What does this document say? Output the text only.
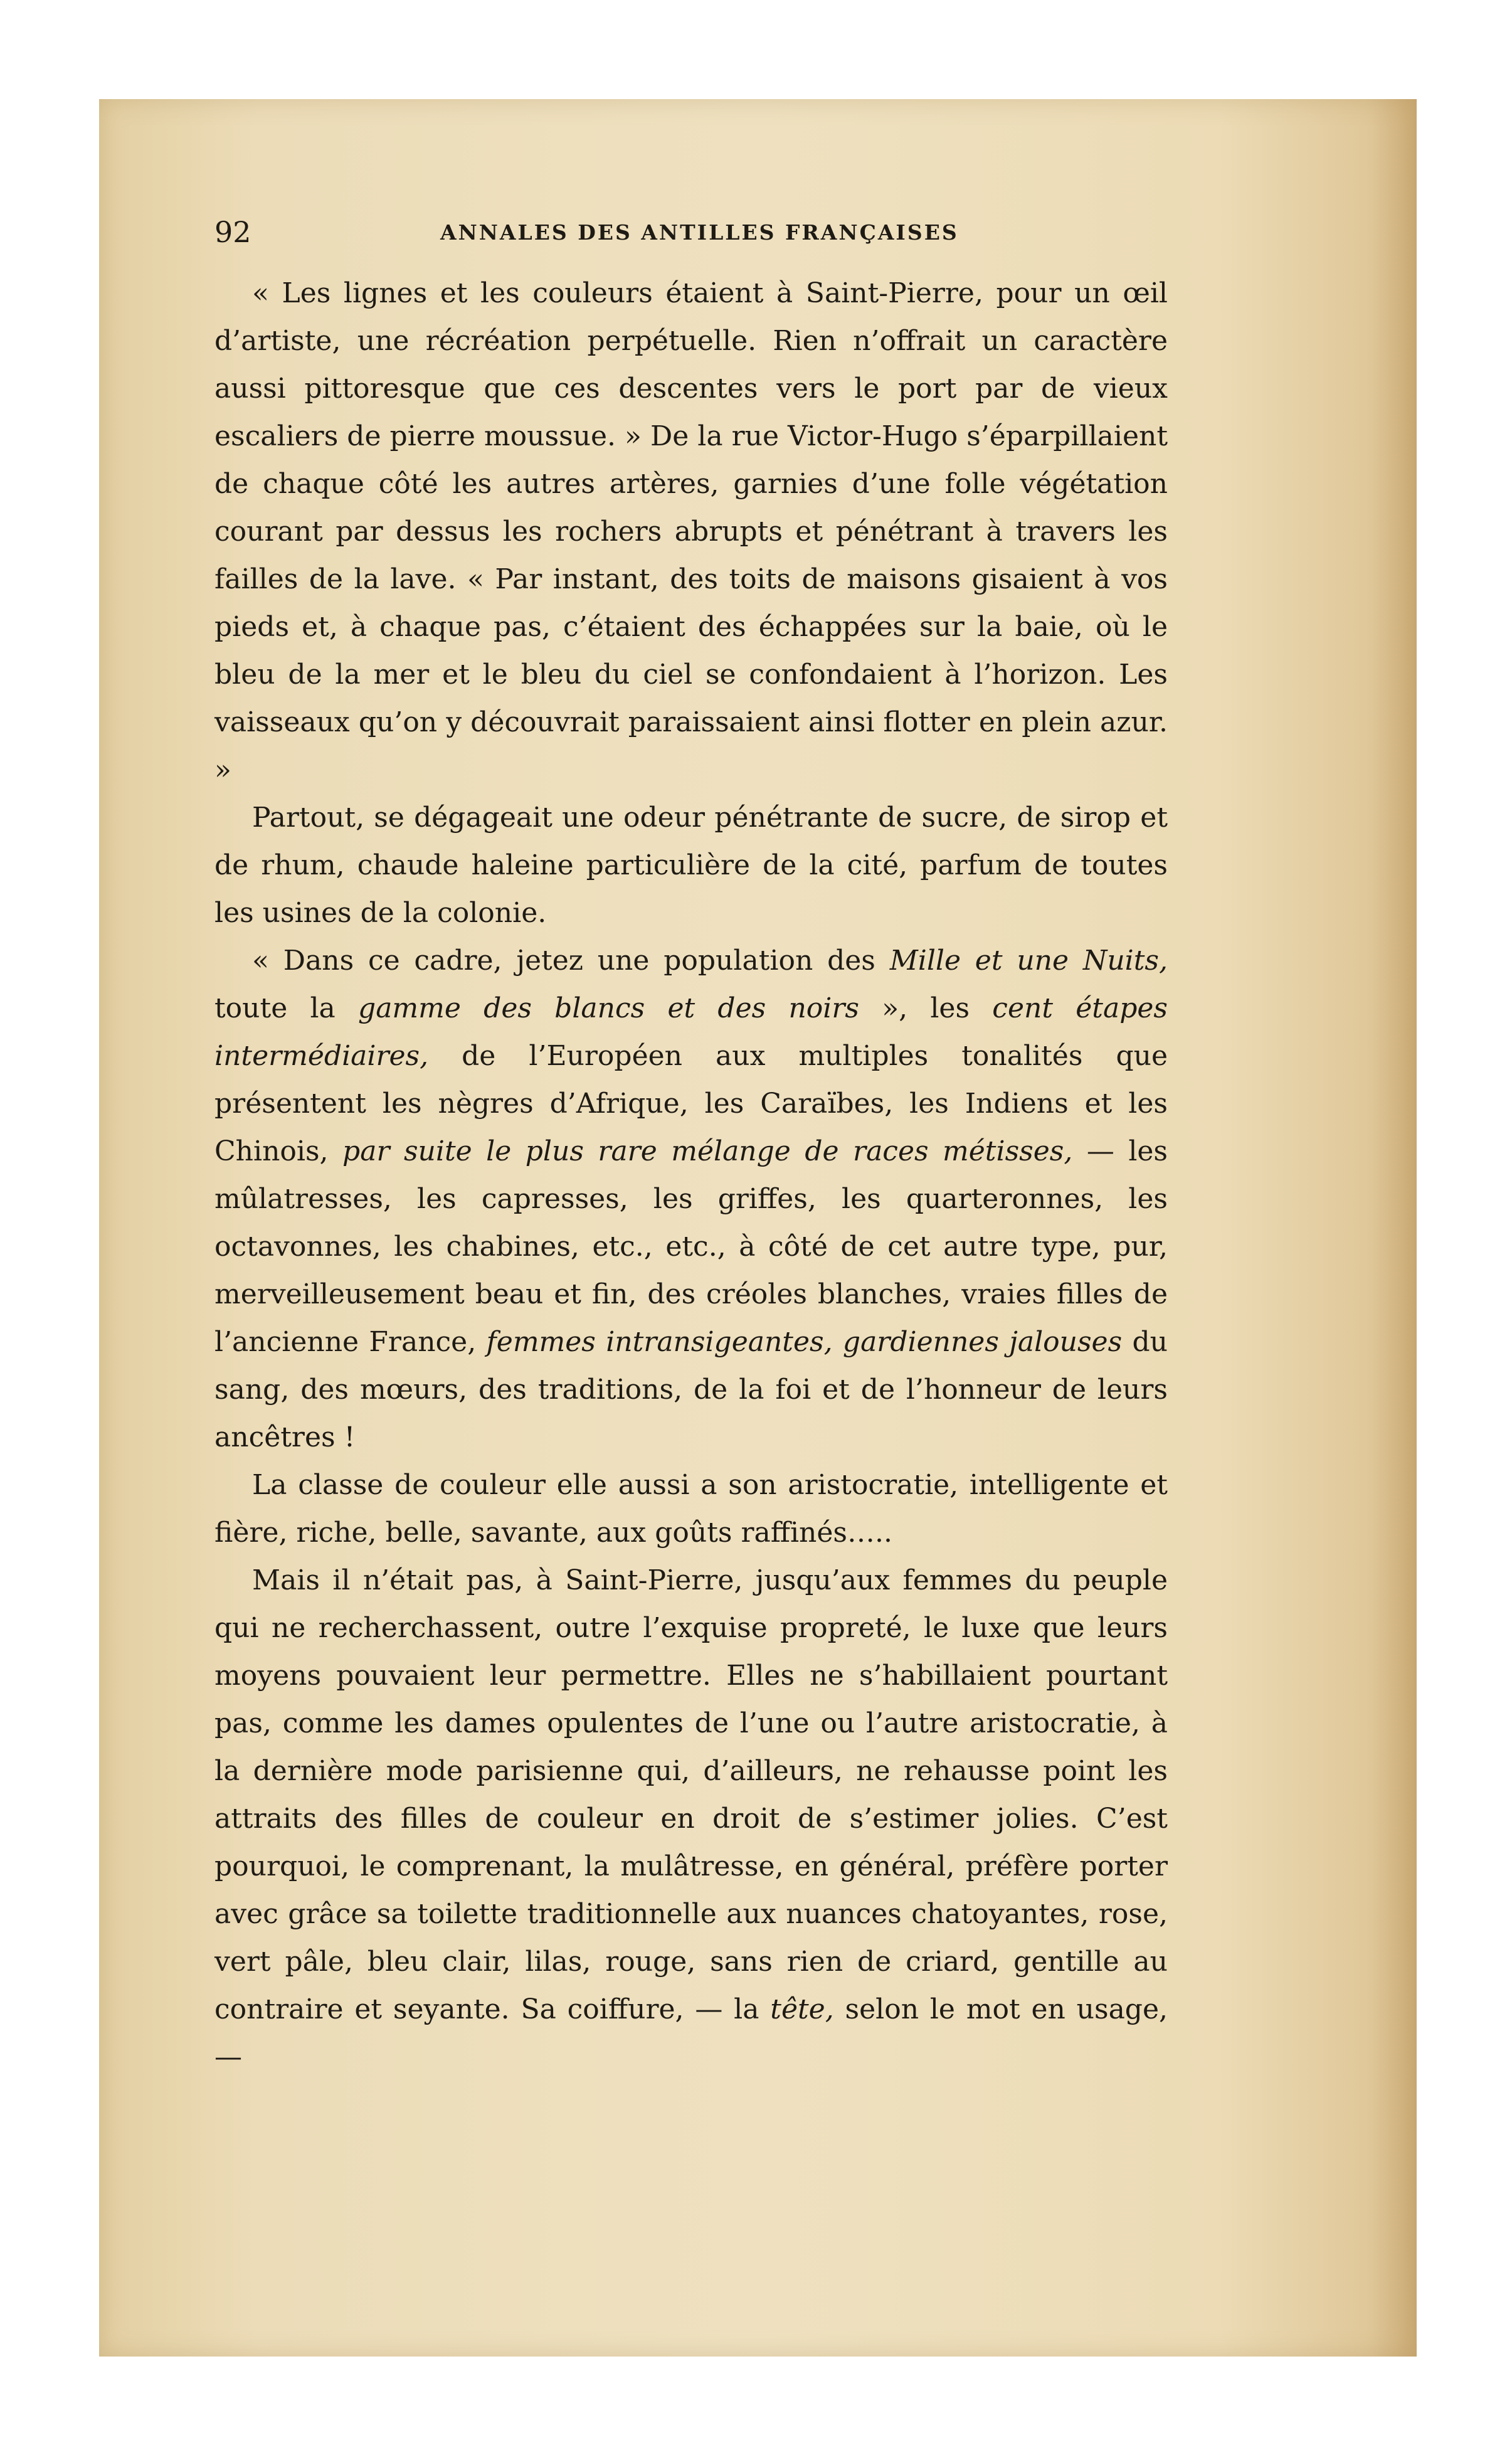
92	ANNALES DES ANTILLES FRANÇAISES

« Les lignes et les couleurs étaient à Saint-Pierre, pour un œil d’artiste, une récréation perpétuelle. Rien n’offrait un caractère aussi pittoresque que ces descentes vers le port par de vieux escaliers de pierre moussue. » De la rue Victor-Hugo s’éparpillaient de chaque côté les autres artères, garnies d’une folle végétation courant par dessus les rochers abrupts et pénétrant à travers les failles de la lave. « Par instant, des toits de maisons gisaient à vos pieds et, à chaque pas, c’étaient des échappées sur la baie, où le bleu de la mer et le bleu du ciel se confondaient à l’horizon. Les vaisseaux qu’on y découvrait paraissaient ainsi flotter en plein azur. »

Partout, se dégageait une odeur pénétrante de sucre, de sirop et de rhum, chaude haleine particulière de la cité, parfum de toutes les usines de la colonie.

« Dans ce cadre, jetez une population des Mille et une Nuits, toute la gamme des blancs et des noirs », les cent étapes intermédiaires, de l’Européen aux multiples tonalités que présentent les nègres d’Afrique, les Caraïbes, les Indiens et les Chinois, par suite le plus rare mélange de races métisses, — les mûlatresses, les capresses, les griffes, les quarteronnes, les octavonnes, les chabines, etc., etc., à côté de cet autre type, pur, merveilleusement beau et fin, des créoles blanches, vraies filles de l’ancienne France, femmes intransigeantes, gardiennes jalouses du sang, des mœurs, des traditions, de la foi et de l’honneur de leurs ancêtres !

La classe de couleur elle aussi a son aristocratie, intelligente et fière, riche, belle, savante, aux goûts raffinés…..

Mais il n’était pas, à Saint-Pierre, jusqu’aux femmes du peuple qui ne recherchassent, outre l’exquise propreté, le luxe que leurs moyens pouvaient leur permettre. Elles ne s’habillaient pourtant pas, comme les dames opulentes de l’une ou l’autre aristocratie, à la dernière mode parisienne qui, d’ailleurs, ne rehausse point les attraits des filles de couleur en droit de s’estimer jolies. C’est pourquoi, le comprenant, la mulâtresse, en général, préfère porter avec grâce sa toilette traditionnelle aux nuances chatoyantes, rose, vert pâle, bleu clair, lilas, rouge, sans rien de criard, gentille au contraire et seyante. Sa coiffure, — la tête, selon le mot en usage, —
